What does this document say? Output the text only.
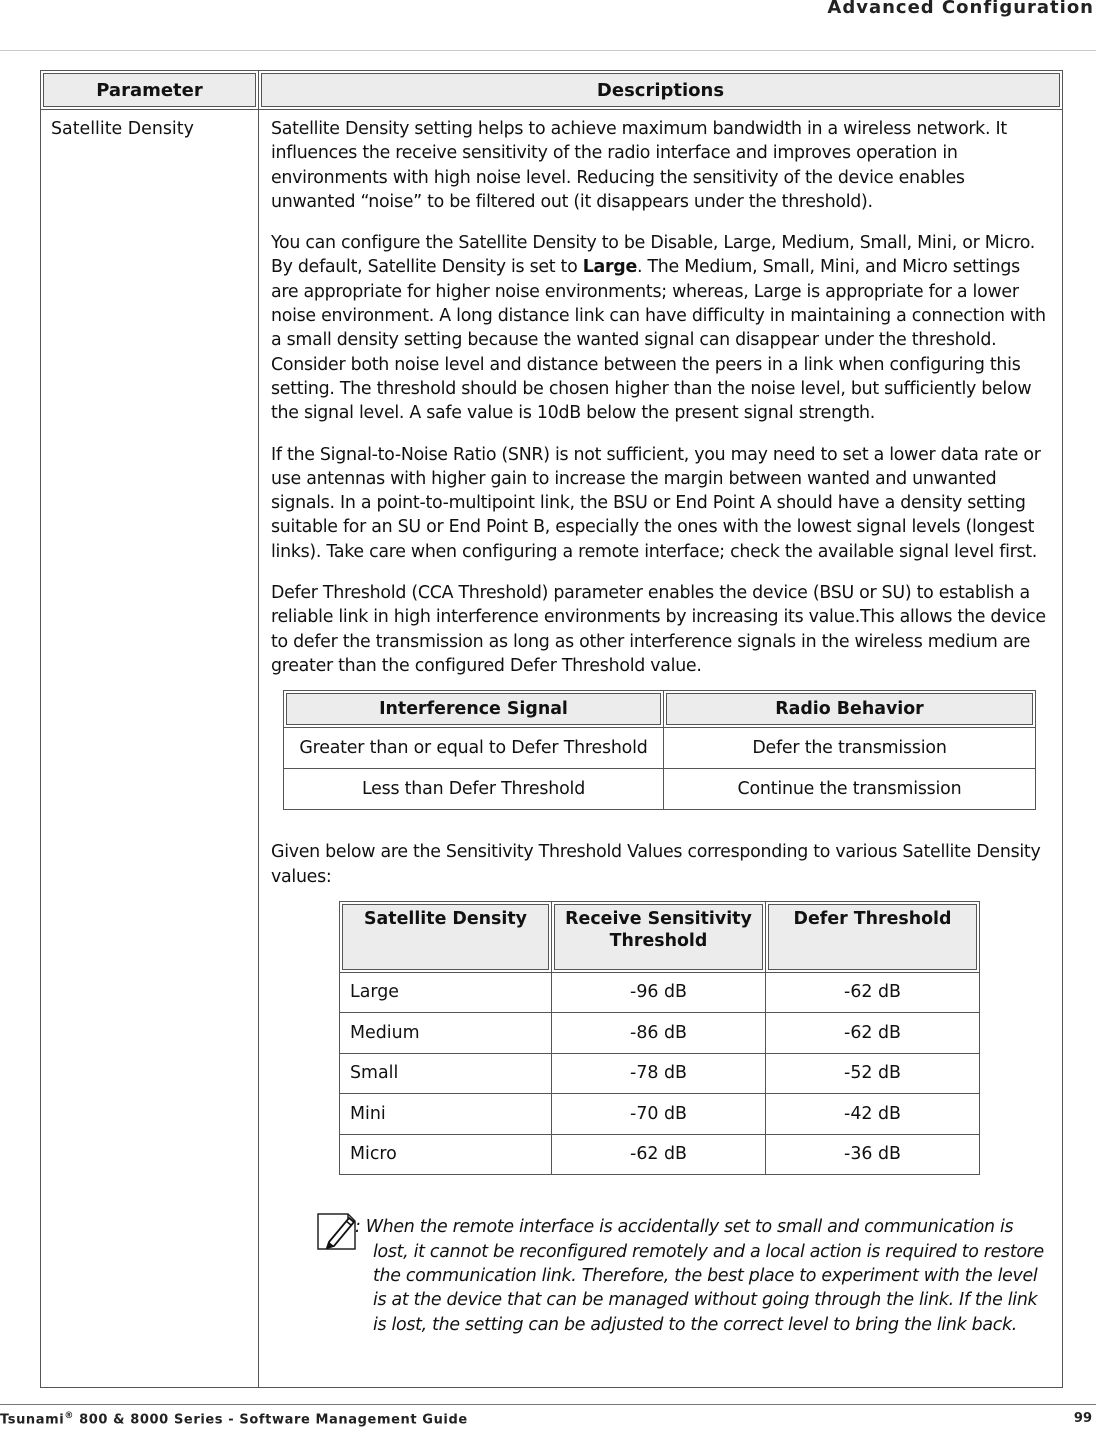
Advanced Configuration
Parameter	Descriptions
Satellite Density	Satellite Density setting helps to achieve maximum bandwidth in a wireless network. It influences the receive sensitivity of the radio interface and improves operation in environments with high noise level. Reducing the sensitivity of the device enables unwanted “noise” to be filtered out (it disappears under the threshold).

You can configure the Satellite Density to be Disable, Large, Medium, Small, Mini, or Micro. By default, Satellite Density is set to Large. The Medium, Small, Mini, and Micro settings are appropriate for higher noise environments; whereas, Large is appropriate for a lower noise environment. A long distance link can have difficulty in maintaining a connection with a small density setting because the wanted signal can disappear under the threshold. Consider both noise level and distance between the peers in a link when configuring this setting. The threshold should be chosen higher than the noise level, but sufficiently below the signal level. A safe value is 10dB below the present signal strength.

If the Signal-to-Noise Ratio (SNR) is not sufficient, you may need to set a lower data rate or use antennas with higher gain to increase the margin between wanted and unwanted signals. In a point-to-multipoint link, the BSU or End Point A should have a density setting suitable for an SU or End Point B, especially the ones with the lowest signal levels (longest links). Take care when configuring a remote interface; check the available signal level first.

Defer Threshold (CCA Threshold) parameter enables the device (BSU or SU) to establish a reliable link in high interference environments by increasing its value.This allows the device to defer the transmission as long as other interference signals in the wireless medium are greater than the configured Defer Threshold value.

Interference Signal	Radio Behavior
Greater than or equal to Defer Threshold	Defer the transmission
Less than Defer Threshold	Continue the transmission

Given below are the Sensitivity Threshold Values corresponding to various Satellite Density values:

Satellite Density	Receive Sensitivity Threshold	Defer Threshold
Large	-96 dB	-62 dB
Medium	-86 dB	-62 dB
Small	-78 dB	-52 dB
Mini	-70 dB	-42 dB
Micro	-62 dB	-36 dB
: When the remote interface is accidentally set to small and communication is lost, it cannot be reconfigured remotely and a local action is required to restore the communication link. Therefore, the best place to experiment with the level is at the device that can be managed without going through the link. If the link is lost, the setting can be adjusted to the correct level to bring the link back.
Tsunami® 800 & 8000 Series - Software Management Guide	99
